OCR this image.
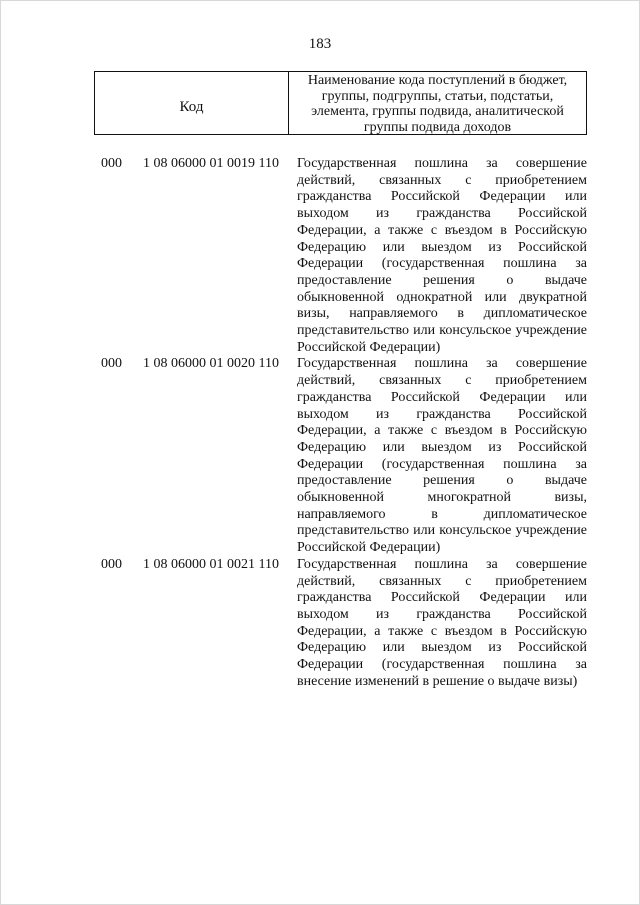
183
Код
Наименование кода поступлений в бюджет, группы, подгруппы, статьи, подстатьи, элемента, группы подвида, аналитической группы подвида доходов
000 1 08 06000 01 0019 110 Государственная пошлина за совершение действий, связанных с приобретением гражданства Российской Федерации или выходом из гражданства Российской Федерации, а также с въездом в Российскую Федерацию или выездом из Российской Федерации (государственная пошлина за предоставление решения о выдаче обыкновенной однократной или двукратной визы, направляемого в дипломатическое представительство или консульское учреждение Российской Федерации)
000 1 08 06000 01 0020 110 Государственная пошлина за совершение действий, связанных с приобретением гражданства Российской Федерации или выходом из гражданства Российской Федерации, а также с въездом в Российскую Федерацию или выездом из Российской Федерации (государственная пошлина за предоставление решения о выдаче обыкновенной многократной визы, направляемого в дипломатическое представительство или консульское учреждение Российской Федерации)
000 1 08 06000 01 0021 110 Государственная пошлина за совершение действий, связанных с приобретением гражданства Российской Федерации или выходом из гражданства Российской Федерации, а также с въездом в Российскую Федерацию или выездом из Российской Федерации (государственная пошлина за внесение изменений в решение о выдаче визы)
